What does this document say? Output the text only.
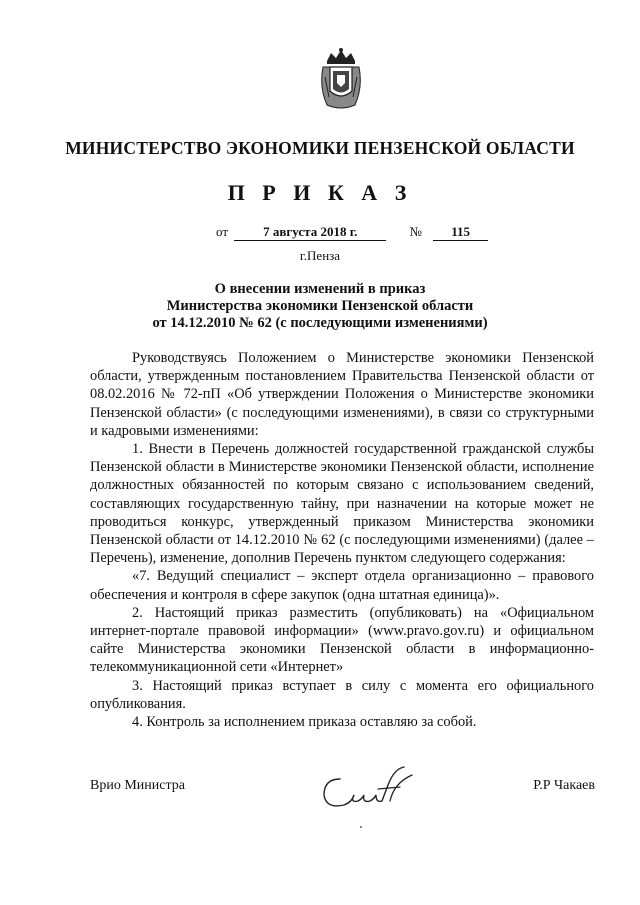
МИНИСТЕРСТВО ЭКОНОМИКИ ПЕНЗЕНСКОЙ ОБЛАСТИ
П Р И К А З
от	7 августа 2018 г.	№ 115
г.Пенза
О внесении изменений в приказ
Министерства экономики Пензенской области
от 14.12.2010 № 62 (с последующими изменениями)

Руководствуясь Положением о Министерстве экономики Пензенской области, утвержденным постановлением Правительства Пензенской области от 08.02.2016 № 72-пП «Об утверждении Положения о Министерстве экономики Пензенской области» (с последующими изменениями), в связи со структурными и кадровыми изменениями:

1. Внести в Перечень должностей государственной гражданской службы Пензенской области в Министерстве экономики Пензенской области, исполнение должностных обязанностей по которым связано с использованием сведений, составляющих государственную тайну, при назначении на которые может не проводиться конкурс, утвержденный приказом Министерства экономики Пензенской области от 14.12.2010 № 62 (с последующими изменениями) (далее – Перечень), изменение, дополнив Перечень пунктом следующего содержания:

«7. Ведущий специалист – эксперт отдела организационно – правового обеспечения и контроля в сфере закупок (одна штатная единица)».

2. Настоящий приказ разместить (опубликовать) на «Официальном интернет-портале правовой информации» (www.pravo.gov.ru) и официальном сайте Министерства экономики Пензенской области в информационно-телекоммуникационной сети «Интернет»

3. Настоящий приказ вступает в силу с момента его официального опубликования.

4. Контроль за исполнением приказа оставляю за собой.

Врио Министра	Р.Р Чакаев
